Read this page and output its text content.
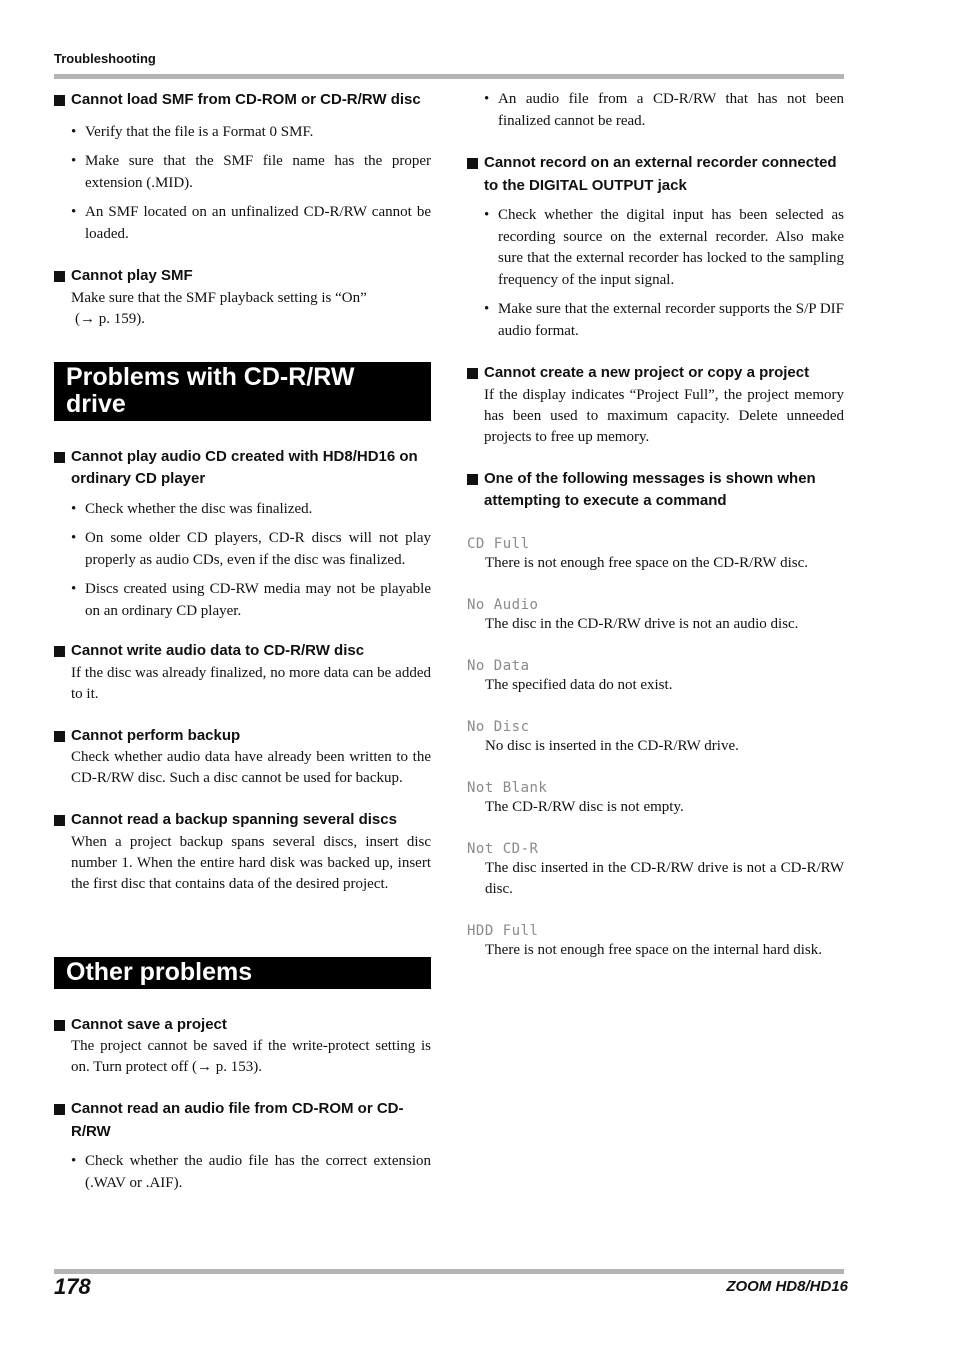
Troubleshooting
Cannot load SMF from CD-ROM or CD-R/RW disc
• Verify that the file is a Format 0 SMF.
• Make sure that the SMF file name has the proper extension (.MID).
• An SMF located on an unfinalized CD-R/RW cannot be loaded.
Cannot play SMF

Make sure that the SMF playback setting is “On”
(→ p. 159).

Problems with CD-R/RW drive
Cannot play audio CD created with HD8/HD16 on ordinary CD player
• Check whether the disc was finalized.
• On some older CD players, CD-R discs will not play properly as audio CDs, even if the disc was finalized.
• Discs created using CD-RW media may not be playable on an ordinary CD player.
Cannot write audio data to CD-R/RW disc

If the disc was already finalized, no more data can be added to it.

Cannot perform backup

Check whether audio data have already been written to the CD-R/RW disc. Such a disc cannot be used for backup.

Cannot read a backup spanning several discs

When a project backup spans several discs, insert disc number 1. When the entire hard disk was backed up, insert the first disc that contains data of the desired project.

Other problems
Cannot save a project

The project cannot be saved if the write-protect setting is on. Turn protect off (→ p. 153).

Cannot read an audio file from CD-ROM or CD-R/RW
• Check whether the audio file has the correct extension (.WAV or .AIF).
• An audio file from a CD-R/RW that has not been finalized cannot be read.
Cannot record on an external recorder connected to the DIGITAL OUTPUT jack
• Check whether the digital input has been selected as recording source on the external recorder. Also make sure that the external recorder has locked to the sampling frequency of the input signal.
• Make sure that the external recorder supports the S/P DIF audio format.
Cannot create a new project or copy a project

If the display indicates “Project Full”, the project memory has been used to maximum capacity. Delete unneeded projects to free up memory.

One of the following messages is shown when attempting to execute a command

CD Full

There is not enough free space on the CD-R/RW disc.

No Audio

The disc in the CD-R/RW drive is not an audio disc.

No Data

The specified data do not exist.

No Disc

No disc is inserted in the CD-R/RW drive.

Not Blank

The CD-R/RW disc is not empty.

Not CD-R

The disc inserted in the CD-R/RW drive is not a CD-R/RW disc.

HDD Full

There is not enough free space on the internal hard disk.

178	ZOOM HD8/HD16
